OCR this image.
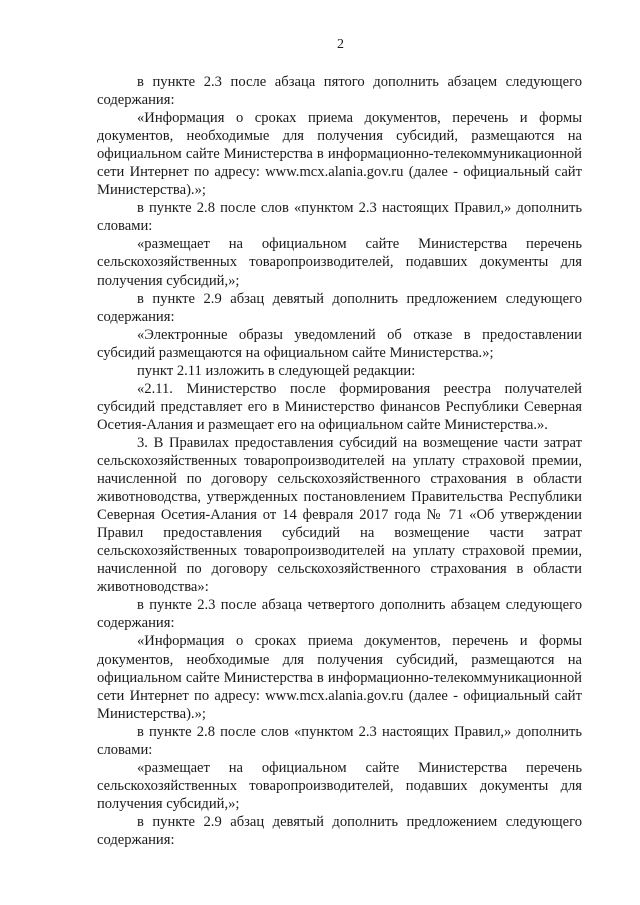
2

в пункте 2.3 после абзаца пятого дополнить абзацем следующего содержания:

«Информация о сроках приема документов, перечень и формы документов, необходимые для получения субсидий, размещаются на официальном сайте Министерства в информационно-телекоммуникационной сети Интернет по адресу: www.mcx.alania.gov.ru (далее - официальный сайт Министерства).»;

в пункте 2.8 после слов «пунктом 2.3 настоящих Правил,» дополнить словами:

«размещает на официальном сайте Министерства перечень сельскохозяйственных товаропроизводителей, подавших документы для получения субсидий,»;

в пункте 2.9 абзац девятый дополнить предложением следующего содержания:

«Электронные образы уведомлений об отказе в предоставлении субсидий размещаются на официальном сайте Министерства.»;

пункт 2.11 изложить в следующей редакции:

«2.11. Министерство после формирования реестра получателей субсидий представляет его в Министерство финансов Республики Северная Осетия-Алания и размещает его на официальном сайте Министерства.».

3. В Правилах предоставления субсидий на возмещение части затрат сельскохозяйственных товаропроизводителей на уплату страховой премии, начисленной по договору сельскохозяйственного страхования в области животноводства, утвержденных постановлением Правительства Республики Северная Осетия-Алания от 14 февраля 2017 года № 71 «Об утверждении Правил предоставления субсидий на возмещение части затрат сельскохозяйственных товаропроизводителей на уплату страховой премии, начисленной по договору сельскохозяйственного страхования в области животноводства»:

в пункте 2.3 после абзаца четвертого дополнить абзацем следующего содержания:

«Информация о сроках приема документов, перечень и формы документов, необходимые для получения субсидий, размещаются на официальном сайте Министерства в информационно-телекоммуникационной сети Интернет по адресу: www.mcx.alania.gov.ru (далее - официальный сайт Министерства).»;

в пункте 2.8 после слов «пунктом 2.3 настоящих Правил,» дополнить словами:

«размещает на официальном сайте Министерства перечень сельскохозяйственных товаропроизводителей, подавших документы для получения субсидий,»;

в пункте 2.9 абзац девятый дополнить предложением следующего содержания:
